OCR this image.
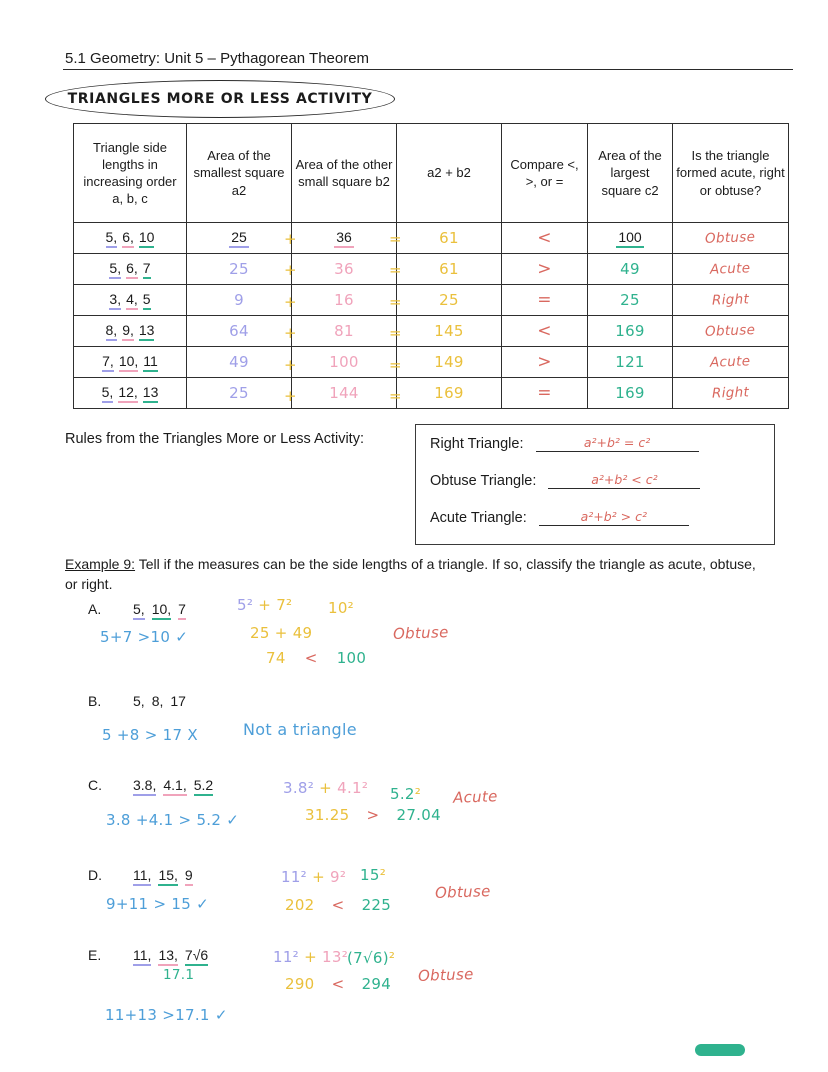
5.1 Geometry: Unit 5 – Pythagorean Theorem
TRIANGLES MORE OR LESS ACTIVITY
Triangle side lengths in increasing order a, b, c	Area of the smallest square a2	Area of the other small square b2	a2 + b2	Compare <, >, or =	Area of the largest square c2	Is the triangle formed acute, right or obtuse?
5, 6, 10	25	36	61	<	100	Obtuse
5, 6, 7	25	36	61	>	49	Acute
3, 4, 5	9	16	25	=	25	Right
8, 9, 13	64	81	145	<	169	Obtuse
7, 10, 11	49	100	149	>	121	Acute
5, 12, 13	25	144	169	=	169	Right
+	=
+	=
+	=
+	=
+	=
+	=
Rules from the Triangles More or Less Activity:	Right Triangle:	a²+b² = c²
Obtuse Triangle:	a²+b² < c²
Acute Triangle:	a²+b² > c²
Example 9: Tell if the measures can be the side lengths of a triangle. If so, classify the triangle as acute, obtuse, or right.
A. 5, 10, 7	5² + 7² 10²
5+7 >10 ✓	25 + 49
74 < 100
Obtuse
B. 5, 8, 17
5 +8 > 17 X	Not a triangle
C. 3.8, 4.1, 5.2	3.8² + 4.1² 5.2² Acute
31.25 > 27.04
3.8 +4.1 > 5.2 ✓
D. 11, 15, 9	11² + 9² 15²
Obtuse
202 < 225
9+11 > 15 ✓
E. 11, 13, 7√6
17.1
11² + 13²
(7√6)²
Obtuse
290 < 294
11+13 >17.1 ✓
